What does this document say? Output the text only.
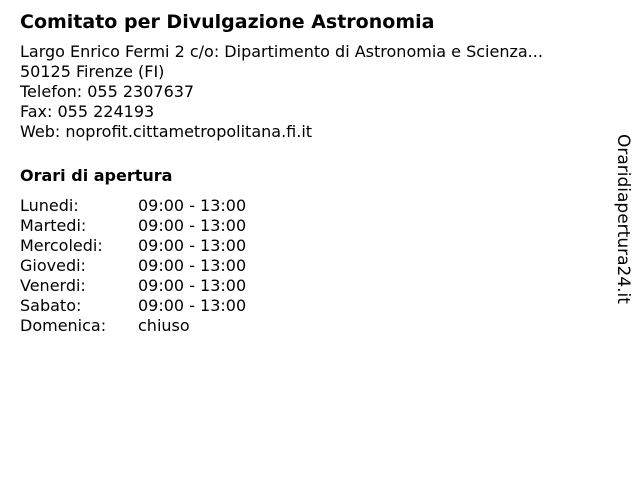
Comitato per Divulgazione Astronomia
Largo Enrico Fermi 2 c/o: Dipartimento di Astronomia e Scienza...
50125 Firenze (FI)
Telefon: 055 2307637
Fax: 055 224193
Web: noprofit.cittametropolitana.fi.it
Orari di apertura
Lunedi:	09:00 - 13:00
Martedi:	09:00 - 13:00
Mercoledi:	09:00 - 13:00
Giovedi:	09:00 - 13:00
Venerdi:	09:00 - 13:00
Sabato:	09:00 - 13:00
Domenica:	chiuso
Oraridiapertura24.it
